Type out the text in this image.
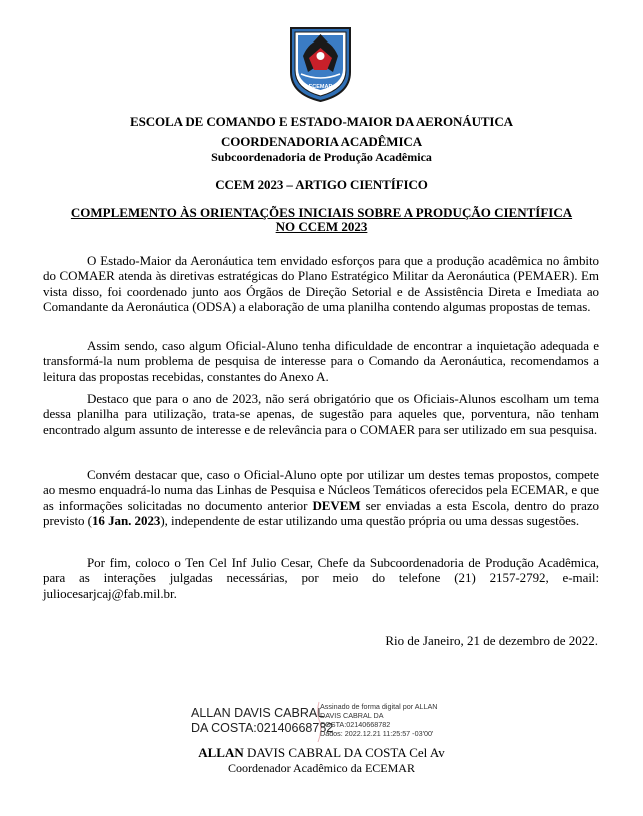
ECEMAR
ESCOLA DE COMANDO E ESTADO-MAIOR DA AERONÁUTICA
COORDENADORIA ACADÊMICA
Subcoordenadoria de Produção Acadêmica
CCEM 2023 – ARTIGO CIENTÍFICO
COMPLEMENTO ÀS ORIENTAÇÕES INICIAIS SOBRE A PRODUÇÃO CIENTÍFICA
NO CCEM 2023

O Estado-Maior da Aeronáutica tem envidado esforços para que a produção acadêmica no âmbito do COMAER atenda às diretivas estratégicas do Plano Estratégico Militar da Aeronáutica (PEMAER). Em vista disso, foi coordenado junto aos Órgãos de Direção Setorial e de Assistência Direta e Imediata ao Comandante da Aeronáutica (ODSA) a elaboração de uma planilha contendo algumas propostas de temas.

Assim sendo, caso algum Oficial-Aluno tenha dificuldade de encontrar a inquietação adequada e transformá-la num problema de pesquisa de interesse para o Comando da Aeronáutica, recomendamos a leitura das propostas recebidas, constantes do Anexo A.

Destaco que para o ano de 2023, não será obrigatório que os Oficiais-Alunos escolham um tema dessa planilha para utilização, trata-se apenas, de sugestão para aqueles que, porventura, não tenham encontrado algum assunto de interesse e de relevância para o COMAER para ser utilizado em sua pesquisa.

Convém destacar que, caso o Oficial-Aluno opte por utilizar um destes temas propostos, compete ao mesmo enquadrá-lo numa das Linhas de Pesquisa e Núcleos Temáticos oferecidos pela ECEMAR, e que as informações solicitadas no documento anterior DEVEM ser enviadas a esta Escola, dentro do prazo previsto (16 Jan. 2023), independente de estar utilizando uma questão própria ou uma dessas sugestões.

Por fim, coloco o Ten Cel Inf Julio Cesar, Chefe da Subcoordenadoria de Produção Acadêmica, para as interações julgadas necessárias, por meio do telefone (21) 2157-2792, e-mail: juliocesarjcaj@fab.mil.br.

Rio de Janeiro, 21 de dezembro de 2022.
ALLAN DAVIS CABRAL
DA COSTA:02140668782
Assinado de forma digital por ALLAN
DAVIS CABRAL DA
COSTA:02140668782
Dados: 2022.12.21 11:25:57 -03'00'
ALLAN DAVIS CABRAL DA COSTA Cel Av
Coordenador Acadêmico da ECEMAR
